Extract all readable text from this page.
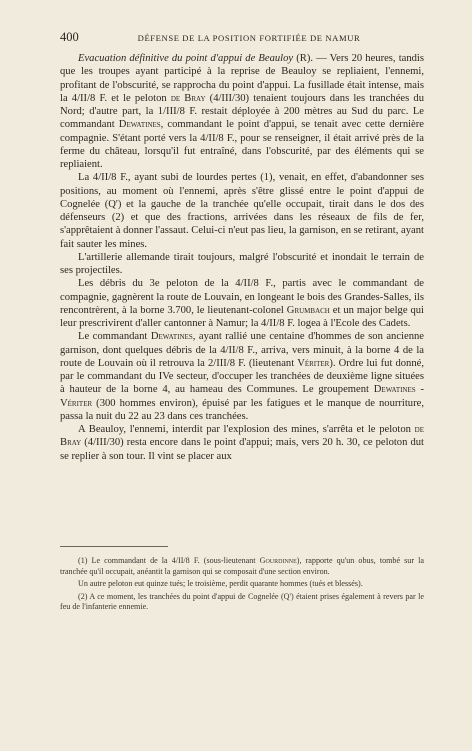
400	DÉFENSE DE LA POSITION FORTIFIÉE DE NAMUR

Evacuation définitive du point d'appui de Beauloy (R). — Vers 20 heures, tandis que les troupes ayant participé à la reprise de Beauloy se repliaient, l'ennemi, profitant de l'obscurité, se rapprocha du point d'appui. La fusillade était intense, mais la 4/II/8 F. et le peloton de Bray (4/III/30) tenaient toujours dans les tranchées du Nord; d'autre part, la 1/III/8 F. restait déployée à 200 mètres au Sud du parc. Le commandant Dewatines, commandant le point d'appui, se tenait avec cette dernière compagnie. S'étant porté vers la 4/II/8 F., pour se renseigner, il était arrivé près de la ferme du château, lorsqu'il fut entraîné, dans l'obscurité, par des éléments qui se repliaient.

La 4/II/8 F., ayant subi de lourdes pertes (1), venait, en effet, d'abandonner ses positions, au moment où l'ennemi, après s'être glissé entre le point d'appui de Cognelée (Q') et la gauche de la tranchée qu'elle occupait, tirait dans le dos des défenseurs (2) et que des fractions, arrivées dans les réseaux de fils de fer, s'apprêtaient à donner l'assaut. Celui-ci n'eut pas lieu, la garnison, en se retirant, ayant fait sauter les mines.

L'artillerie allemande tirait toujours, malgré l'obscurité et inondait le terrain de ses projectiles.

Les débris du 3e peloton de la 4/II/8 F., partis avec le commandant de compagnie, gagnèrent la route de Louvain, en longeant le bois des Grandes-Salles, ils rencontrèrent, à la borne 3.700, le lieutenant-colonel Grumbach et un major belge qui leur prescrivirent d'aller cantonner à Namur; la 4/II/8 F. logea à l'Ecole des Cadets.

Le commandant Dewatines, ayant rallié une centaine d'hommes de son ancienne garnison, dont quelques débris de la 4/II/8 F., arriva, vers minuit, à la borne 4 de la route de Louvain où il retrouva la 2/III/8 F. (lieutenant Vériter). Ordre lui fut donné, par le commandant du IVe secteur, d'occuper les tranchées de deuxième ligne situées à hauteur de la borne 4, au hameau des Communes. Le groupement Dewatines - Vériter (300 hommes environ), épuisé par les fatigues et le manque de nourriture, passa la nuit du 22 au 23 dans ces tranchées.

A Beauloy, l'ennemi, interdit par l'explosion des mines, s'arrêta et le peloton de Bray (4/III/30) resta encore dans le point d'appui; mais, vers 20 h. 30, ce peloton dut se replier à son tour. Il vint se placer aux

(1) Le commandant de la 4/II/8 F. (sous-lieutenant Gourdinne), rapporte qu'un obus, tombé sur la tranchée qu'il occupait, anéantit la garnison qui se composait d'une section environ.

Un autre peloton eut quinze tués; le troisième, perdit quarante hommes (tués et blessés).

(2) A ce moment, les tranchées du point d'appui de Cognelée (Q') étaient prises également à revers par le feu de l'infanterie ennemie.
